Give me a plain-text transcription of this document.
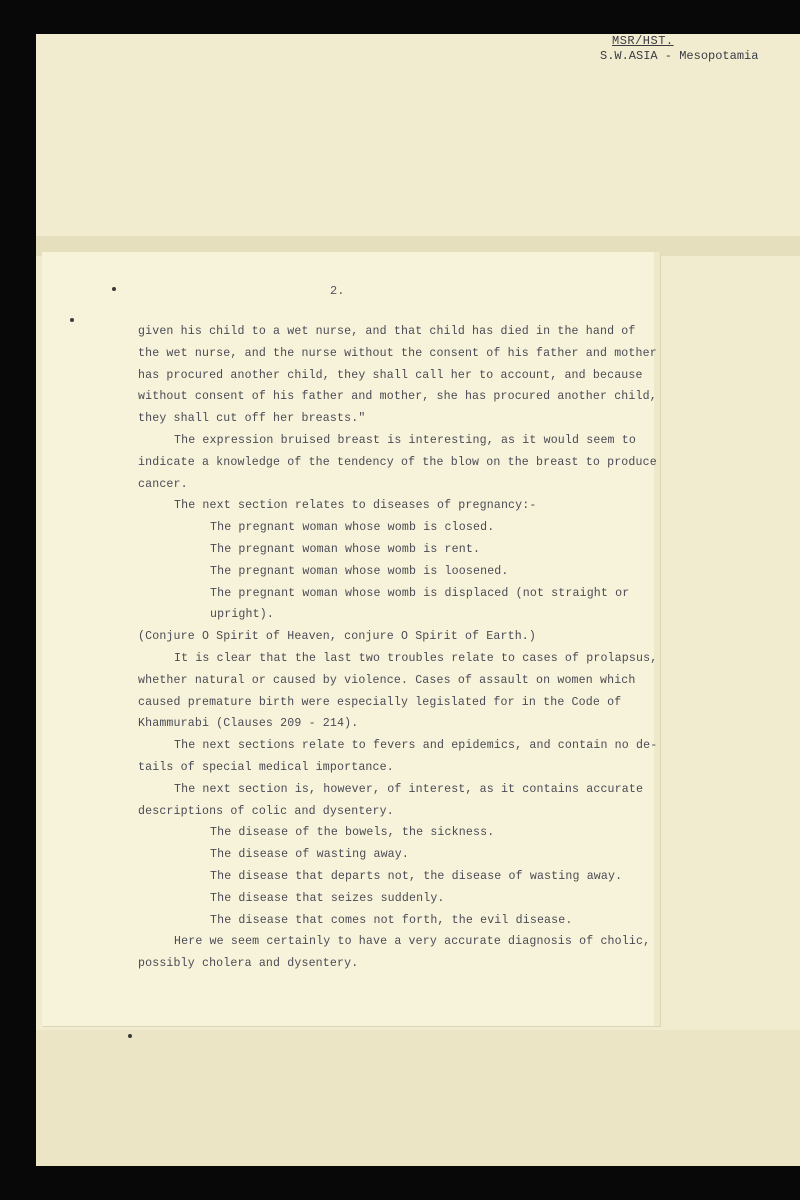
MSR/HST.
S.W.ASIA - Mesopotamia
2.

given his child to a wet nurse, and that child has died in the hand of

the wet nurse, and the nurse without the consent of his father and mother

has procured another child, they shall call her to account, and because

without consent of his father and mother, she has procured another child,

they shall cut off her breasts."

The expression bruised breast is interesting, as it would seem to

indicate a knowledge of the tendency of the blow on the breast to produce

cancer.

The next section relates to diseases of pregnancy:-

The pregnant woman whose womb is closed.

The pregnant woman whose womb is rent.

The pregnant woman whose womb is loosened.

The pregnant woman whose womb is displaced (not straight or

upright).

(Conjure O Spirit of Heaven, conjure O Spirit of Earth.)

It is clear that the last two troubles relate to cases of prolapsus,

whether natural or caused by violence. Cases of assault on women which

caused premature birth were especially legislated for in the Code of

Khammurabi (Clauses 209 - 214).

The next sections relate to fevers and epidemics, and contain no de-

tails of special medical importance.

The next section is, however, of interest, as it contains accurate

descriptions of colic and dysentery.

The disease of the bowels, the sickness.

The disease of wasting away.

The disease that departs not, the disease of wasting away.

The disease that seizes suddenly.

The disease that comes not forth, the evil disease.

Here we seem certainly to have a very accurate diagnosis of cholic,

possibly cholera and dysentery.
